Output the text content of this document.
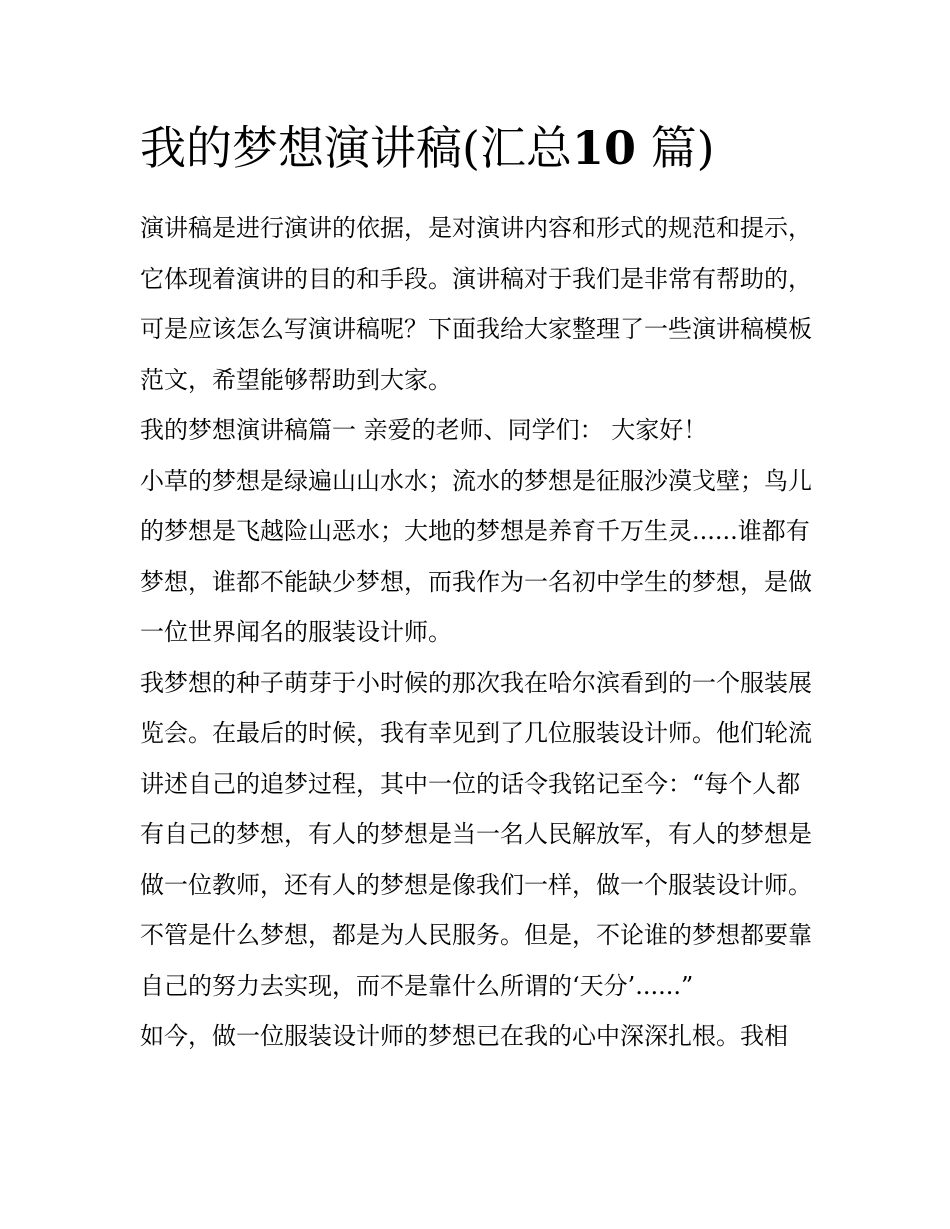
我的梦想演讲稿(汇总10 篇)

演讲稿是进行演讲的依据，是对演讲内容和形式的规范和提示，它体现着演讲的目的和手段。演讲稿对于我们是非常有帮助的，可是应该怎么写演讲稿呢？下面我给大家整理了一些演讲稿模板范文，希望能够帮助到大家。

我的梦想演讲稿篇一 亲爱的老师、同学们： 大家好！

小草的梦想是绿遍山山水水；流水的梦想是征服沙漠戈壁；鸟儿的梦想是飞越险山恶水；大地的梦想是养育千万生灵......谁都有梦想，谁都不能缺少梦想，而我作为一名初中学生的梦想，是做一位世界闻名的服装设计师。

我梦想的种子萌芽于小时候的那次我在哈尔滨看到的一个服装展览会。在最后的时候，我有幸见到了几位服装设计师。他们轮流讲述自己的追梦过程，其中一位的话令我铭记至今：“每个人都有自己的梦想，有人的梦想是当一名人民解放军，有人的梦想是做一位教师，还有人的梦想是像我们一样，做一个服装设计师。不管是什么梦想，都是为人民服务。但是，不论谁的梦想都要靠自己的努力去实现，而不是靠什么所谓的‘天分’......”

如今，做一位服装设计师的梦想已在我的心中深深扎根。我相
